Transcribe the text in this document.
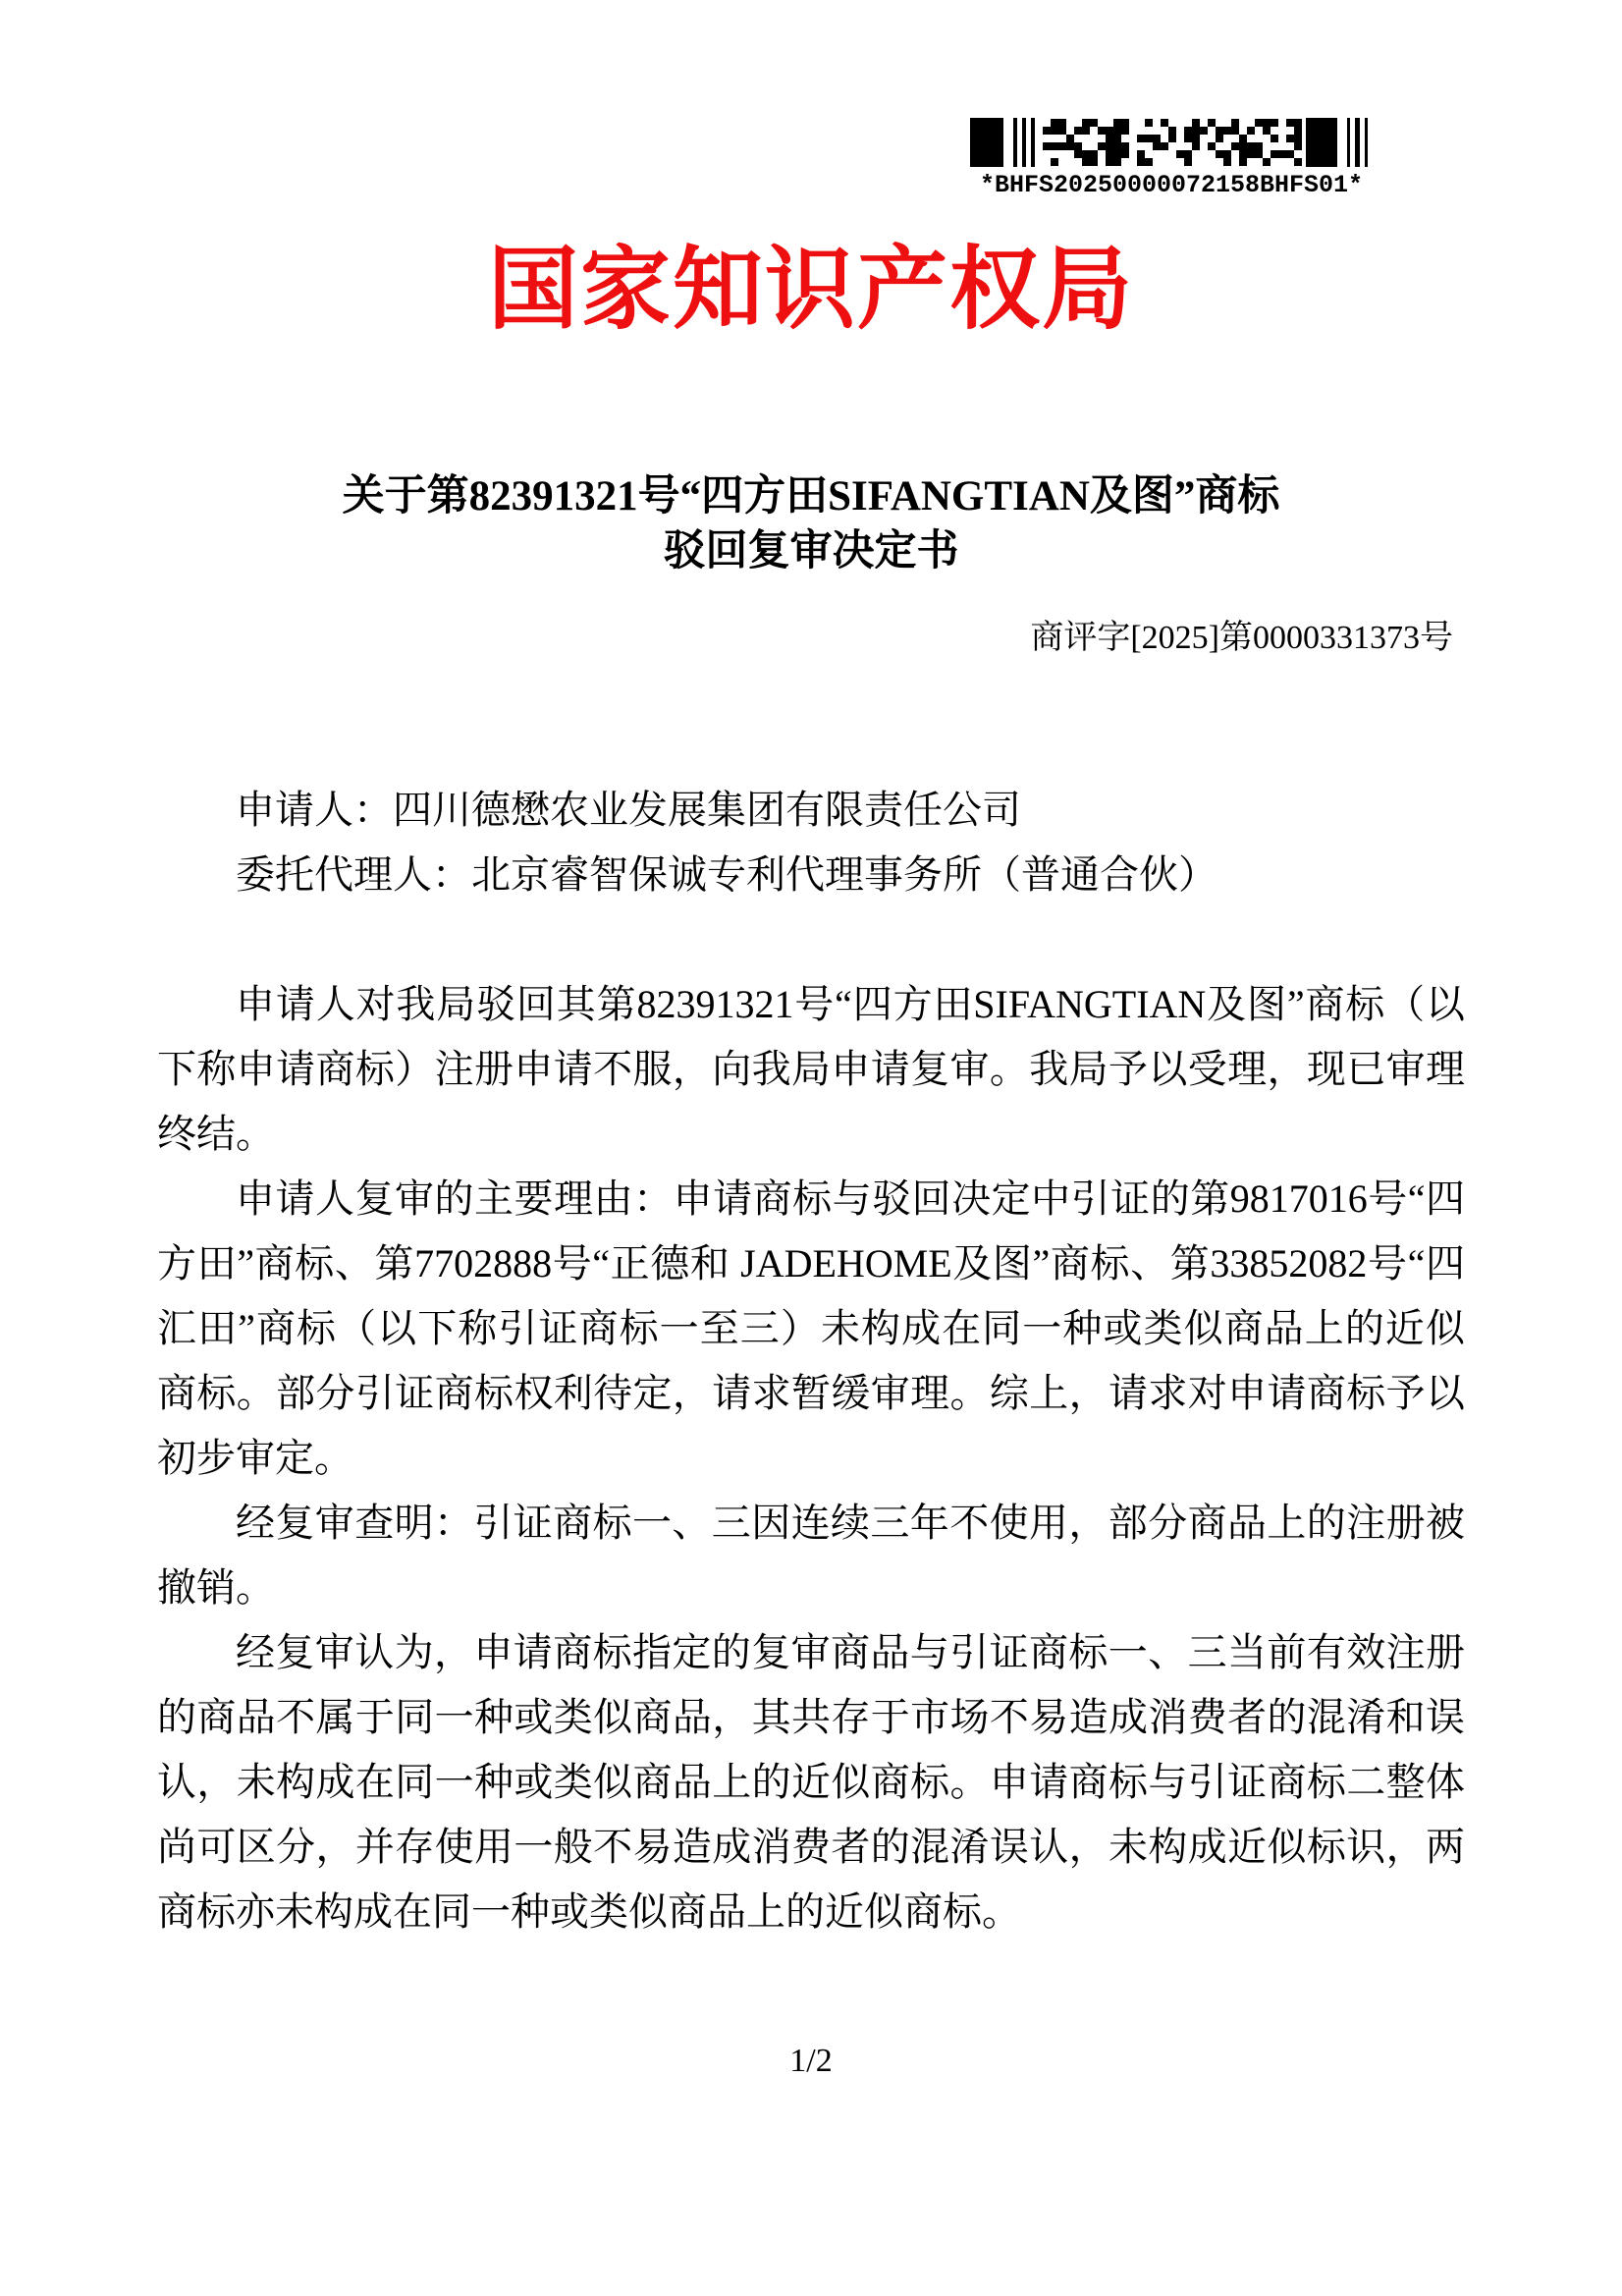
*BHFS20250000072158BHFS01*
国家知识产权局
关于第82391321号“四方田SIFANGTIAN及图”商标
驳回复审决定书
商评字[2025]第0000331373号
申请人：四川德懋农业发展集团有限责任公司
委托代理人：北京睿智保诚专利代理事务所（普通合伙）

申请人对我局驳回其第82391321号“四方田SIFANGTIAN及图”商标（以下称申请商标）注册申请不服，向我局申请复审。我局予以受理，现已审理终结。

申请人复审的主要理由：申请商标与驳回决定中引证的第9817016号“四方田”商标、第7702888号“正德和 JADEHOME及图”商标、第33852082号“四汇田”商标（以下称引证商标一至三）未构成在同一种或类似商品上的近似商标。部分引证商标权利待定，请求暂缓审理。综上，请求对申请商标予以初步审定。

经复审查明：引证商标一、三因连续三年不使用，部分商品上的注册被撤销。

经复审认为，申请商标指定的复审商品与引证商标一、三当前有效注册的商品不属于同一种或类似商品，其共存于市场不易造成消费者的混淆和误认，未构成在同一种或类似商品上的近似商标。申请商标与引证商标二整体尚可区分，并存使用一般不易造成消费者的混淆误认，未构成近似标识，两商标亦未构成在同一种或类似商品上的近似商标。

1/2
